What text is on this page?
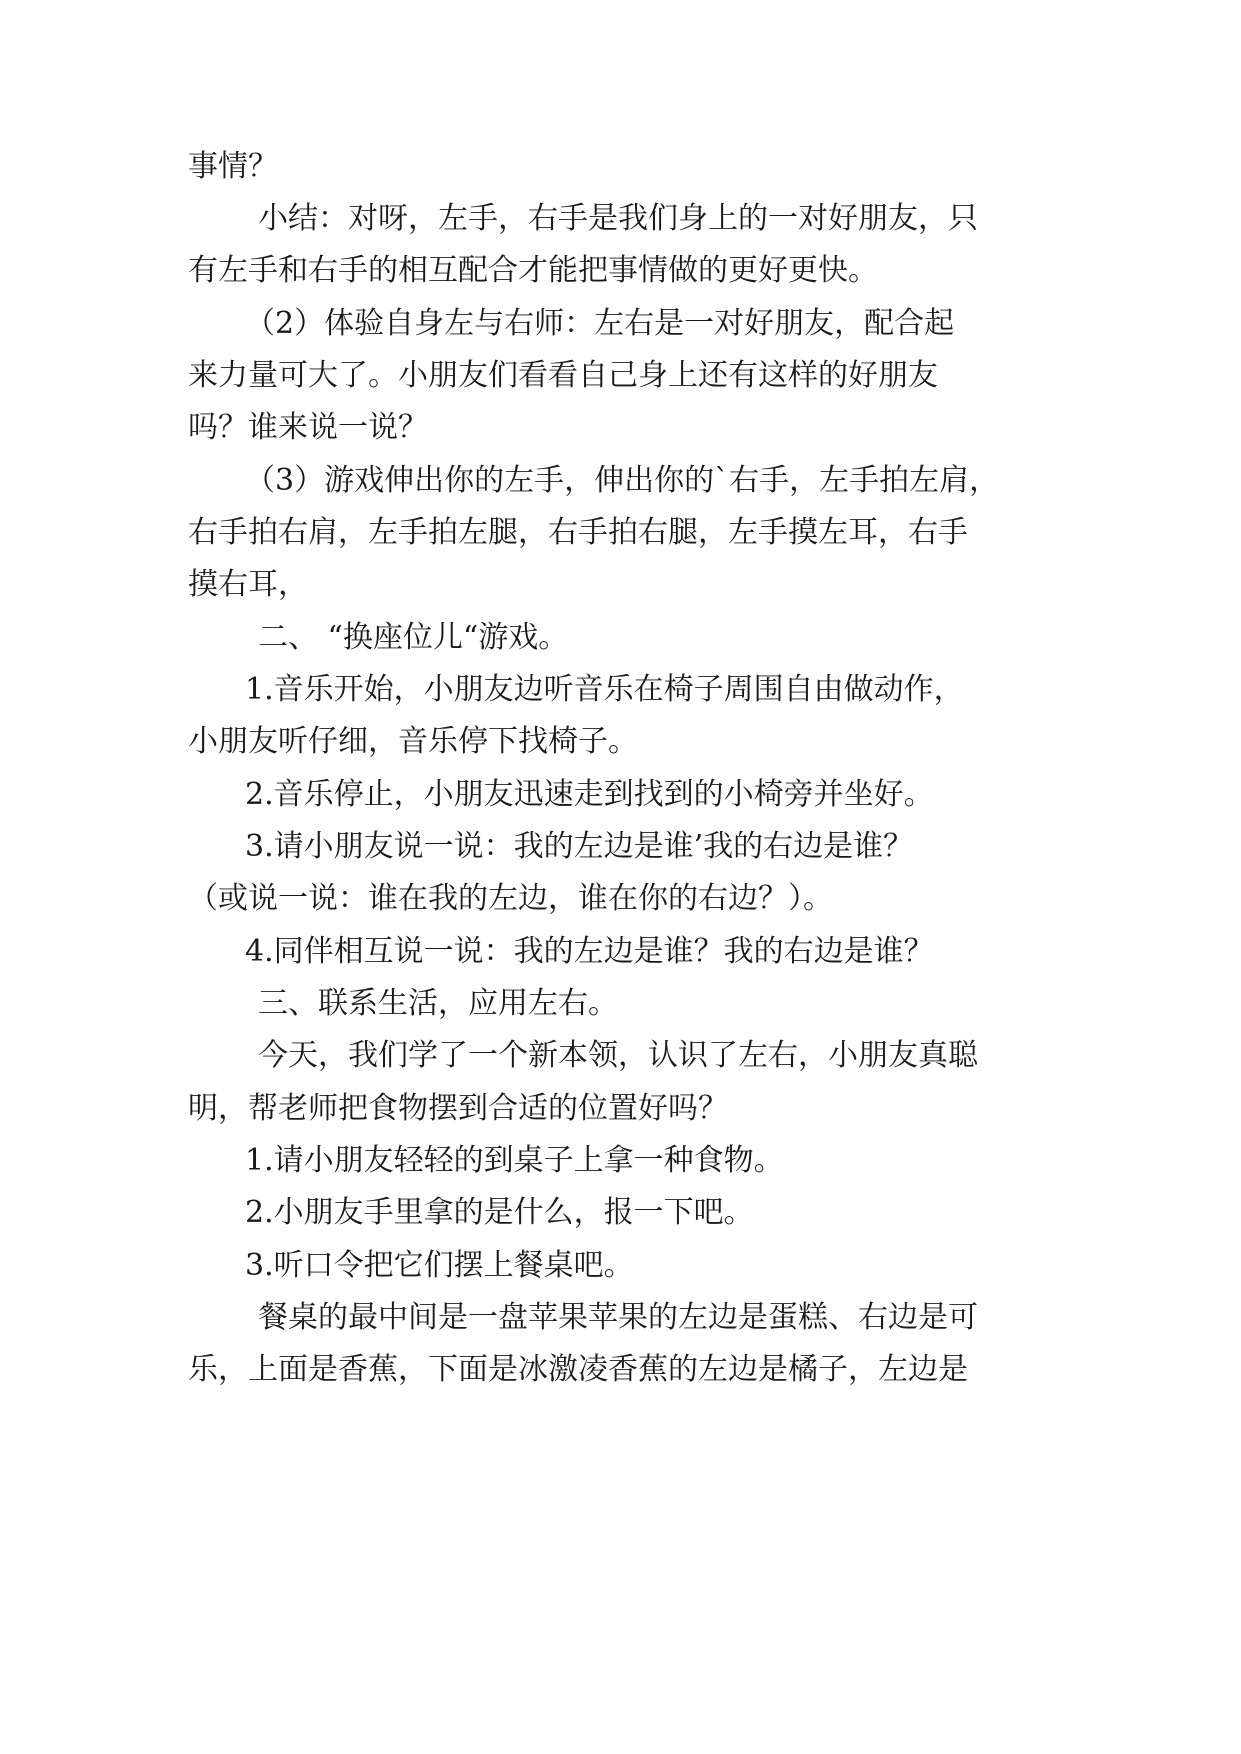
事情？
小结：对呀，左手，右手是我们身上的一对好朋友，只
有左手和右手的相互配合才能把事情做的更好更快。
（2）体验自身左与右师：左右是一对好朋友，配合起
来力量可大了。小朋友们看看自己身上还有这样的好朋友
吗？谁来说一说？
（3）游戏伸出你的左手，伸出你的`右手，左手拍左肩，
右手拍右肩，左手拍左腿，右手拍右腿，左手摸左耳，右手
摸右耳，
二、 “换座位儿“游戏。
1.音乐开始，小朋友边听音乐在椅子周围自由做动作，
小朋友听仔细，音乐停下找椅子。
2.音乐停止，小朋友迅速走到找到的小椅旁并坐好。
3.请小朋友说一说：我的左边是谁’我的右边是谁？
（或说一说：谁在我的左边，谁在你的右边？）。
4.同伴相互说一说：我的左边是谁？我的右边是谁？
三、联系生活，应用左右。
今天，我们学了一个新本领，认识了左右，小朋友真聪
明，帮老师把食物摆到合适的位置好吗？
1.请小朋友轻轻的到桌子上拿一种食物。
2.小朋友手里拿的是什么，报一下吧。
3.听口令把它们摆上餐桌吧。
餐桌的最中间是一盘苹果苹果的左边是蛋糕、右边是可
乐，上面是香蕉，下面是冰激凌香蕉的左边是橘子，左边是
